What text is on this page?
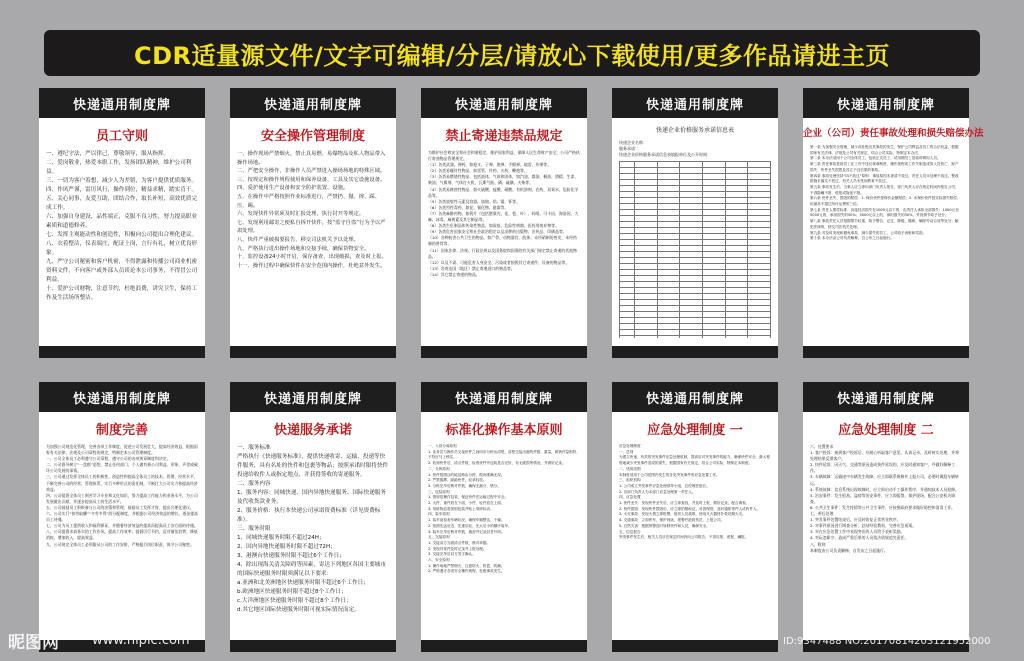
CDR适量源文件/文字可编辑/分层/请放心下载使用/更多作品请进主页
快递通用制度牌
员工守则

一、遵纪守法，严以律己，尊敬领导，服从指挥。

二、爱岗敬业，热爱本职工作，发扬团队精神，维护公司利益。

三、一切为客户着想，减少人为差错，为客户提供优质服务。

四、作风严谨，雷厉风行，操作到位，精益求精，踏实肯干。

五、关心同事，友爱互助，团结合作，取长补短，高效优质完成工作。

六、加强自身建设，品性端正，克服不良习性，努力提高职业素质和道德修养。

七、发挥主观能动性和创造性，积极向公司提出合理化建议。

八、衣着整洁，仪表端庄，配证上岗，言行有礼，树立优良形象。

九、严守公司秘密和客户机密，不得泄露和传播公司商业机密资料文件，不向客户或外部人员谈论本公司事务，不得冒公司利益。

十、爱护公司财物，注意节约，杜绝浪费，讲究卫生，保持工作及生活场所整洁。

快递通用制度牌
安全操作管理制度

一、操作现场严禁烟火，禁止具易燃、易爆物品及私人物品带入操作场地。

二、严把安全操作，非操作人员严禁进入操场场地的特殊区域。

三、按规定和操作规程使用和保养设备、工具及其它设施设备。

四、爱护使用生产设备和安全防护装置、设施。

五、在操作中严格按照作业标准进行，严禁扔、抛、摔、踩、压、踢。

六、发现快件异常须及时汇报处理，执行封开等规定。

七、发现利用邮寄之便私自拆开快件，按“监守自盗”行为予以严肃处理。

八、快件严重破损要报告，移交司法机关予以处理。

九、严格执行进出操作场地和交接手续，确保货物安全。

十、监控设备24小时开启，保存备查，出现破损，查及时上报。

十一、操作过程中确保快件在安全范围内操作，杜绝意外发生。

快递通用制度牌
禁止寄递违禁品规定

为维护社会和安全和社会和谐稳定，维护国家利益，保障人民生命财产安全，公司严格执行寄递物品管理规定。

（1）各类武器、弹药，如枪支、子弹、炮弹、手榴弹、地雷、炸弹等。

（2）各类易爆炸性物品，如雷管、炸药、火药、鞭炮等。

（3）各类易燃烧性物品，包括液体、气体和固体，如汽油、煤油、桐油、酒精、生漆、柴油、气雾剂、气体打火机、瓦斯气瓶、磷、硫磺、火柴等。

（4）各类易腐蚀性物品，如火硫酸、盐酸、硝酸、有机溶剂、农药、双氧水、危险化学品等。

（5）各类放射性元素及容器，如铀、钴、镭、钚等。

（6）各类烈性毒药，如铊、氰化物、砒霜等。

（7）各类麻醉药物，如鸦片（包括罂粟壳、花、苞、叶）、吗啡、可卡因、海洛因、大麻、冰毒、麻黄素及其它制品等。

（8）各类生化制品和传染性物品，如炭疽、危险性病菌、医药用废弃物等。

（9）各类危害国家安全和社会政治稳定以及淫秽的出版物、宣传品、印刷品等。

（10）各种妨害公共卫生的物品，如尸骨、动物器官、肢体、未经硝制的兽皮、未经药制的兽骨等。

（11）国家法律、法规、行政法规以及国务院和国务院有关部门规定禁止寄递的其他物品。

（12）以及不需、可能危害人身安全、污染或者损毁其它寄递件、设备的物品等。

（13）各寄达国（地区）禁止寄递进口的物品等。

（14）其它禁止寄递的物品。

快递通用制度牌
快递企业价格服务承诺信息表
快递企业名称：
服务承诺：
快递企业价格服务承诺信息表填报单位及公开时间：

快递通用制度牌
企业（公司）责任事故处理和损失赔偿办法

第一条 为加强安全管理，减少或杜绝各类事故的发生，保护公司利益及员工的合法权益，根据国家有关法律、法规及公司有关规定，结合公司实际，特制定本办法。

第二条 本办法适用于公司全体员工，包括正式员工、试用期员工及临时聘用人员。

第三条 责任事故是指员工在工作中违反规章制度、操作规程或工作失职造成的人员伤亡、财产损失、快件丢失损毁及其它不良后果的事故。

第四条 事故处理坚持“四不放过”原则：事故原因未查清不放过，责任人员未处理不放过，整改措施未落实不放过，有关人员未受到教育不放过。

第五条 事故发生后，当事人应立即向部门负责人报告，部门负责人应在规定时间内报告公司，不得隐瞒不报、谎报或拖延不报。

第六条 快件丢失、损毁的赔偿：1. 保价快件按保价金额赔偿；2. 未保价快件按实际损失赔偿，但最高不超过所付运费的三倍。

第七条 责任人赔偿标准：直接经济损失在1000元以下的，由责任人承担全部损失；1000元至5000元的，承担损失的50%；5000元以上的，承担损失的30%，并视情节给予处分。

第八条 事故责任人员根据情节轻重，给予警告、记过、降级、撤职、解除劳动合同等处分；触犯法律的，移交司法机关处理。

第九条 对及时发现和避免事故、减少损失的员工，公司给予表彰和奖励。

第十条 本办法由公司负责解释，自公布之日起施行。

快递通用制度牌
制度完善

为加强公司规范化管理，完善各项工作制度，促进公司发展壮大，提高经济效益，根据国家有关法律、法规及公司章程的规定，特制定本公司管理制度。

一、公司全体员工必须遵守公司章程，遵守公司的各项规章制度和决定。

二、公司倡导树立“一盘棋”思想，禁止任何部门、个人做有损公司利益、形象、声誉或破坏公司发展的事情。

三、公司通过发挥全体员工的积极性、创造性和提高全体员工的技术、管理、经营水平，不断完善公司的经营、管理体系，实行多种形式的责任制，不断壮大公司实力和提高经济效益。

四、公司提倡全体员工刻苦学习专业和文化知识，努力提高工作能力和业务水平，为公司发展做出贡献，并逐步提高员工的生活水平。

五、公司鼓励员工积极参与公司的决策和管理，鼓励员工发挥才智，提出合理化建议。

六、公司实行“按劳取酬”“多劳多得”的分配制度，并根据公司经济效益的增长，逐步提高员工待遇。

七、公司为员工提供收入和福利保证，并随着经济效益的提高而提高员工各方面的待遇。

八、公司提倡求真务实的工作作风，提高工作效率；提倡厉行节约，反对铺张浪费；降低消耗，增加收入，提高效益。

九、公司规定全体员工必须服从公司的工作安排，严格履行岗位职责，保守公司秘密。

快递通用制度牌
快递服务承诺

一、服务标准

严格执行《快递服务标准》，提供快递收寄、运输、投递等快件服务，具有名址的快件和包裹等物品；按照承诺时限将快件投递给收件人或指定地点，并获得签收的寄递服务。

二、服务内容

1、服务内容：同城快递、国内异地快递服务、国际快递服务及代收货款业务。

2、服务价格：执行本快递公司承诺资费标准（详见资费标准）。

三、服务时限

1、同城快递服务时限不超过24H；

2、国内异地快递服务时限不超过72H；

3、港澳台快递服务时限不超过6个工作日；

4、除出现海关清关障碍等因素，寄达下列地区各国主要城市的国际快递服务时限须满足以下要求：

a.亚洲和北美洲地区快递服务时限不超过6个工作日；

b.欧洲地区快递服务时限不超过8个工作日；

c.大洋洲地区快递服务时限不超过8个工作日；

d.其它地区国际快递服务时限可视实际情况而定。

快递通用制度牌
标准化操作基本原则

一、入营分离原则

1. 业务员与操作员交接快件之间同步分拣出清楚，清楚交接出港的件数、重量，做到件量相符，不符应马上核实。

2. 收到快件后，清点件数，检查快件外包装是否完好，有无破损等情况，并做好记录。

二、分拣原则

1. 快件按照目的地及路由分拣，做到准确无误。

2. 严禁抛掷、踩踏快件，轻拿轻放。

3. 分拣完毕后核对件数，确保无漏分、错分。

三、包装原则

1. 按规范操作包装，保证快件在运输过程中安全。

2. 大件、重件放在下面，小件、轻件放在上面。

3. 易碎物品需加固包装并贴上易碎标识。

四、装车原则

1. 装车前检查车辆状况，确保车厢整洁、干燥。

2. 按照先远后近、先重后轻、先大后小的顺序装车。

3. 装车完毕后核对件数，施封并记录封签号码。

五、交接原则

1. 交接双方当面清点件数，核对单据。

2. 发现异常件及时记录并上报处理。

3. 交接完毕后双方签字确认。

六、安全原则

1. 操作场地严禁烟火，注意防火、防盗、防潮。

2. 严格遵守各项安全操作规程，杜绝事故发生。

快递通用制度牌
应急处理制度 一

应急处理制度

一、总则

为建立快速、有效的突发事件应急处理机制，提高应对突发事件的能力，确保快件安全，最大程度地减少突发事件造成的损失，根据国家有关规定，结合公司实际，特制定本制度。

二、适用范围

本制度适用于公司范围内发生的各类突发事件的应急处置工作。

三、组织机构

1. 公司成立突发事件应急处理领导小组，总经理任组长。

2. 各部门负责人为本部门应急处理第一责任人。

四、应急处置

1. 快件丢失：发现快件丢失后，应立即查找，并及时上报，做好记录，配合调查。

2. 快件损毁：发现快件损毁后，应立即拍照取证，妥善保管，及时通知寄件人或收件人。

3. 火灾事故：发现火情立即报警，组织人员疏散，使用灭火器材扑救初期火灾。

4. 交通事故：立即停车，保护现场，报警并抢救伤员，上报公司。

5. 自然灾害：根据预警及时转移快件和人员，确保安全。

五、信息报告

突发事件发生后，相关人员应在规定时间内向公司报告，不得迟报、谎报、瞒报。

快递通用制度牌
应急处理制度 二

六、处置要求

1. 客户投诉：接到客户投诉后，应耐心听取客户意见，认真记录，及时核实处理，并将处理结果反馈客户。

2. 快件延误：因天气、交通等原因造成快件延误的，应及时通知客户，并做好解释工作。

3. 车辆故障：运输途中车辆发生故障，应立即联系维修并上报公司，必要时调派车辆转运。

4. 系统故障：信息系统出现故障时，应立即启动手工操作程序，并通知技术人员抢修。

5. 治安事件：发生抢劫、盗窃等治安事件，应立即报警，保护现场，配合公安机关调查。

6. 公共卫生事件：发生疫情等公共卫生事件，应按照政府要求做好防控和消毒工作。

七、善后处理

1. 突发事件处置结束后，应及时恢复正常营业秩序。

2. 对事件原因进行调查分析，总结经验教训，完善应急预案。

3. 对在应急处置工作中表现突出的人员给予表彰奖励。

4. 对玩忽职守、造成严重后果的人员依法依规追究责任。

八、附则

本制度由公司负责解释，自发布之日起施行。

昵图网	www.nipic.com	ID:9347488 NO:20170814203121952000
